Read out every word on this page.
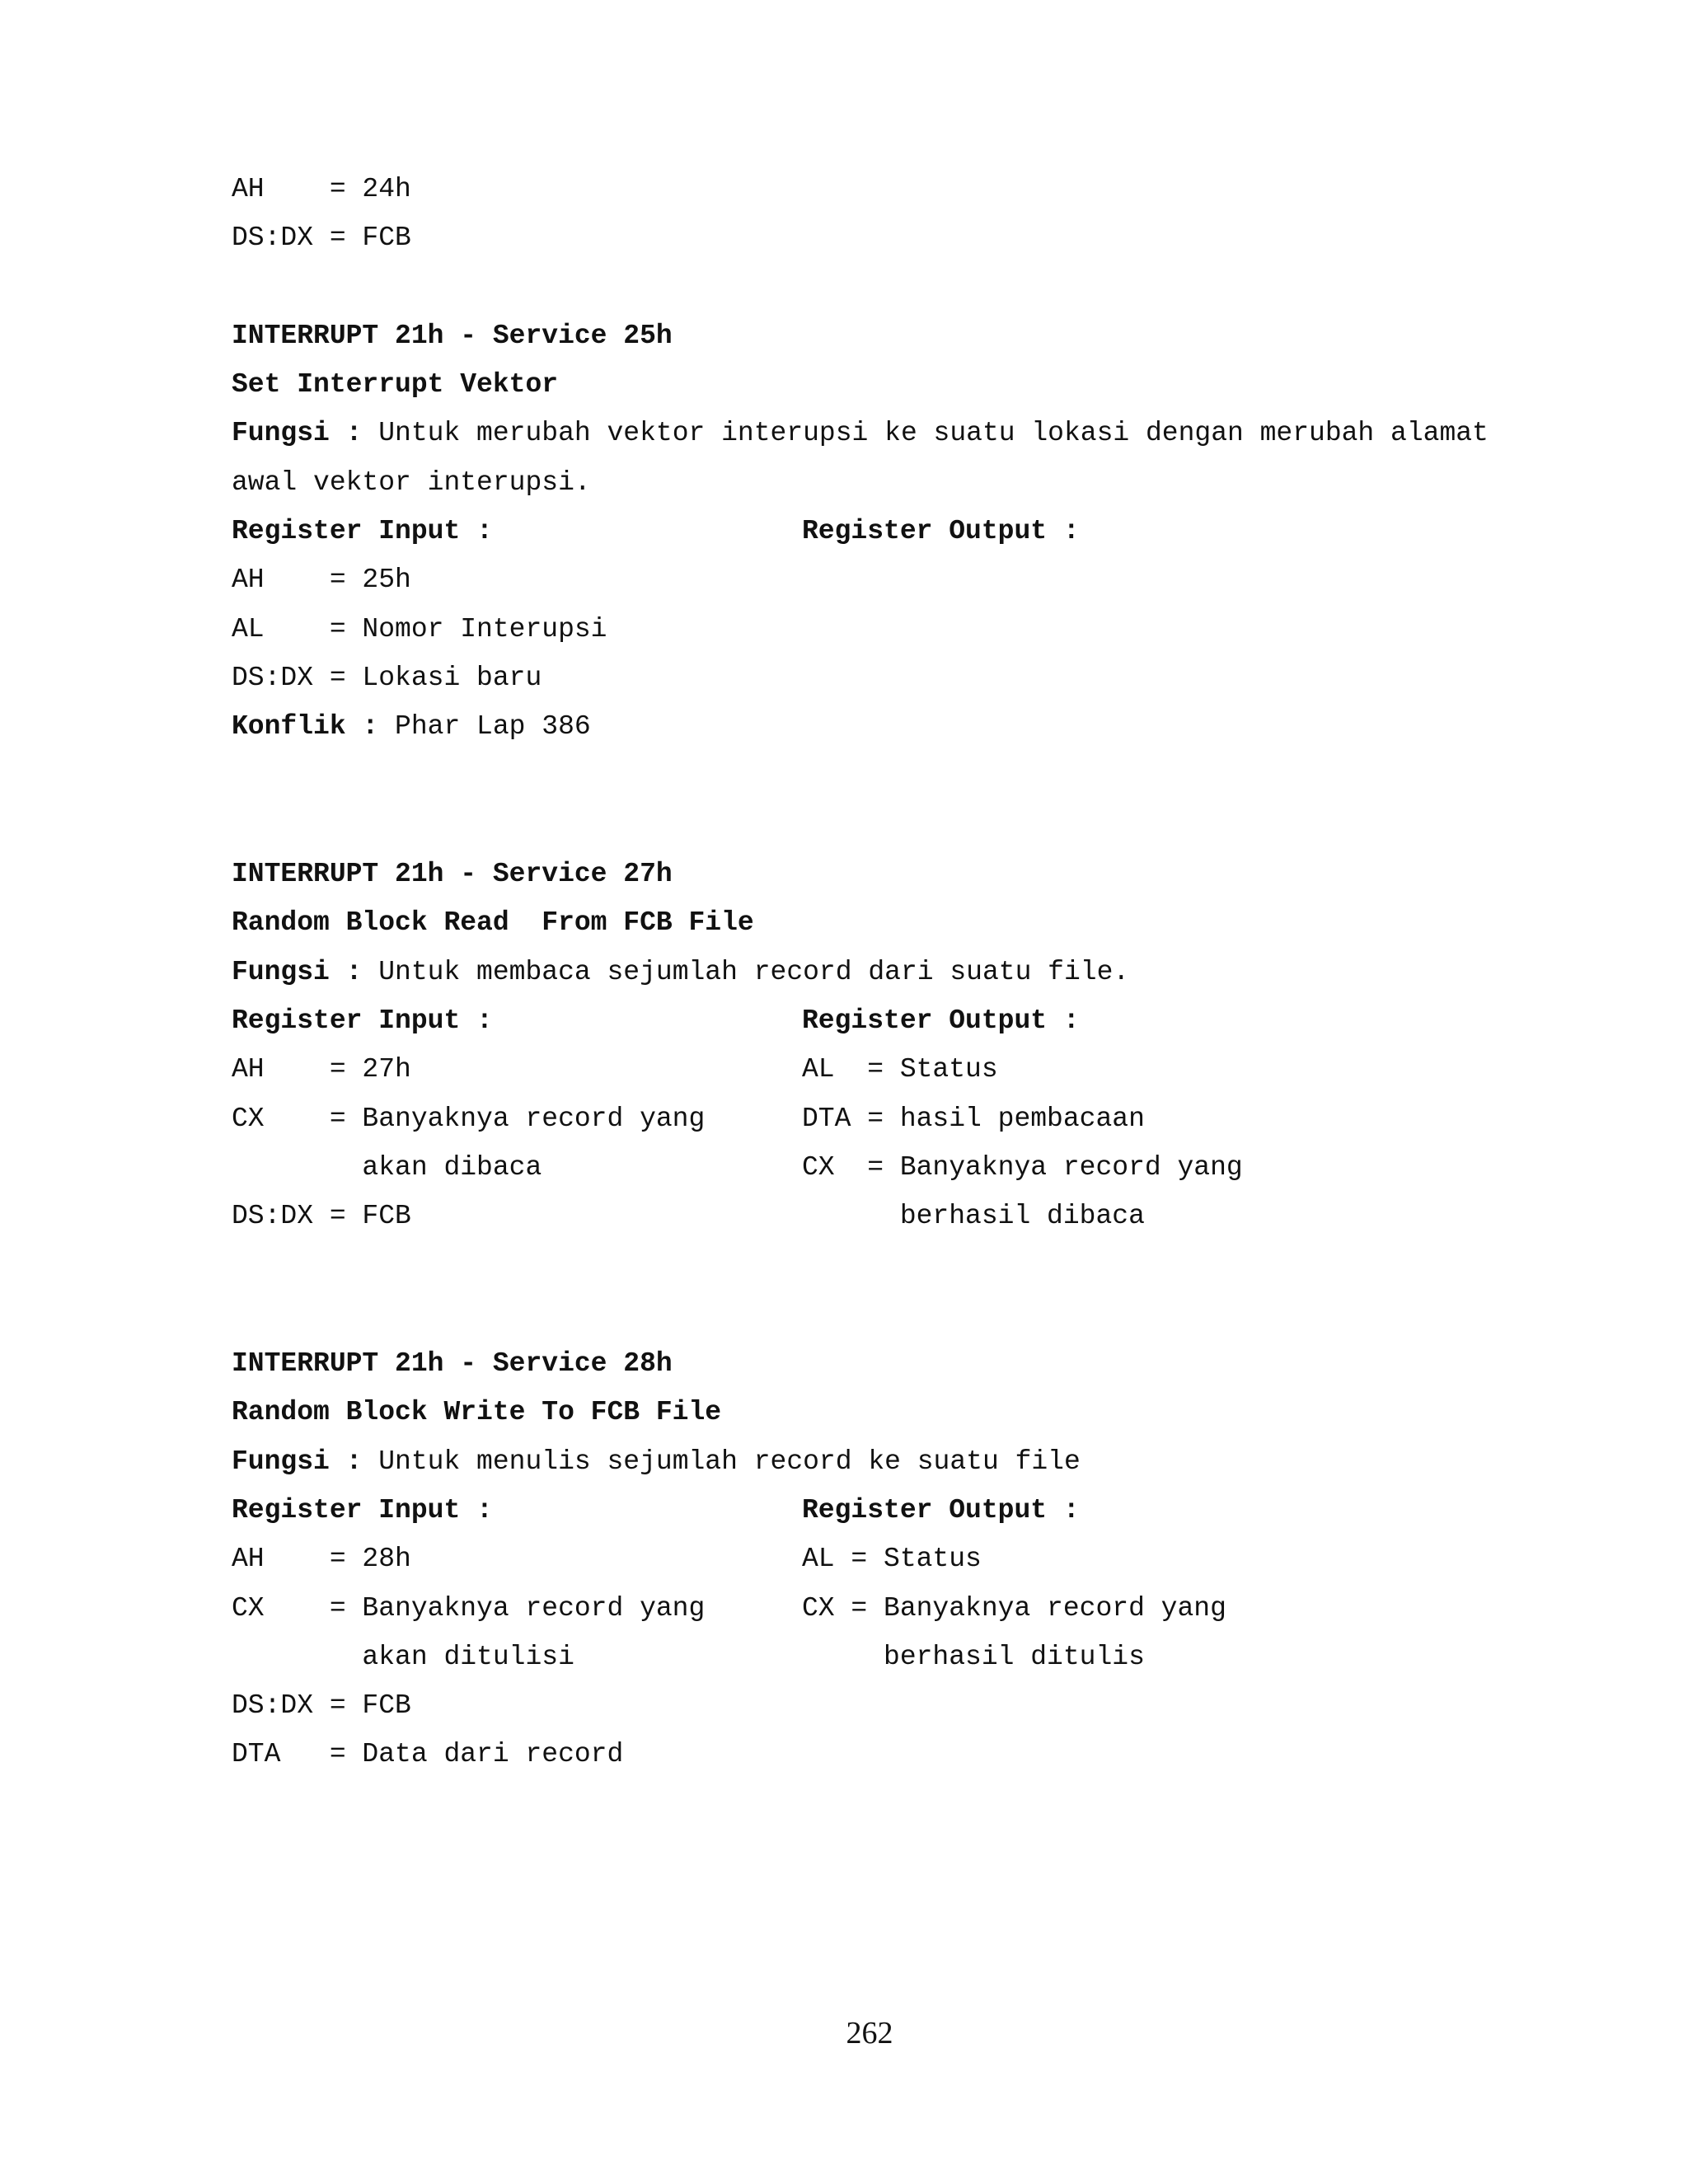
AH    = 24h
DS:DX = FCB
INTERRUPT 21h - Service 25h
Set Interrupt Vektor
Fungsi : Untuk merubah vektor interupsi ke suatu lokasi dengan merubah alamat
awal vektor interupsi.
Register Input :	Register Output :
AH    = 25h
AL    = Nomor Interupsi
DS:DX = Lokasi baru
Konflik : Phar Lap 386
INTERRUPT 21h - Service 27h
Random Block Read  From FCB File
Fungsi : Untuk membaca sejumlah record dari suatu file.
Register Input :	Register Output :
AH    = 27h	AL  = Status
CX    = Banyaknya record yang	DTA = hasil pembacaan
akan dibaca	CX  = Banyaknya record yang
DS:DX = FCB	berhasil dibaca
INTERRUPT 21h - Service 28h
Random Block Write To FCB File
Fungsi : Untuk menulis sejumlah record ke suatu file
Register Input :	Register Output :
AH    = 28h	AL = Status
CX    = Banyaknya record yang	CX = Banyaknya record yang
akan ditulisi	berhasil ditulis
DS:DX = FCB
DTA   = Data dari record
262
